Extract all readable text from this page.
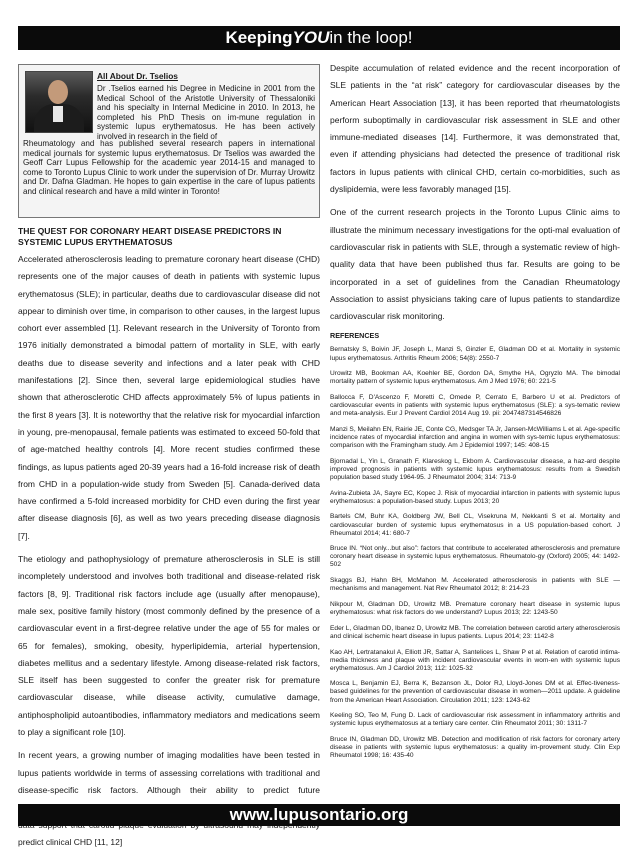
Keeping YOU in the loop!
All About Dr. Tselios
Dr .Tselios earned his Degree in Medicine in 2001 from the Medical School of the Aristotle University of Thessaloniki and his specialty in Internal Medicine in 2010. In 2013, he completed his PhD Thesis on im-mune regulation in systemic lupus erythematosus. He has been actively involved in research in the field of
Rheumatology and has published several research papers in international medical journals for systemic lupus erythematosus. Dr Tselios was awarded the Geoff Carr Lupus Fellowship for the academic year 2014-15 and managed to come to Toronto Lupus Clinic to work under the supervision of Dr. Murray Urowitz and Dr. Dafna Gladman. He hopes to gain expertise in the care of lupus patients and clinical research and have a mild winter in Toronto!
THE QUEST FOR CORONARY HEART DISEASE PREDICTORS IN SYSTEMIC LUPUS ERYTHEMATOSUS

Accelerated atherosclerosis leading to premature coronary heart disease (CHD) represents one of the major causes of death in patients with systemic lupus erythematosus (SLE); in particular, deaths due to cardiovascular disease did not appear to diminish over time, in comparison to other causes, in the largest lupus cohort ever assembled [1]. Relevant research in the University of Toronto from 1976 initially demonstrated a bimodal pattern of mortality in SLE, with early deaths due to disease severity and infections and a later peak with CHD manifestations [2]. Since then, several large epidemiological studies have shown that atherosclerotic CHD affects approximately 5% of lupus patients in the first 8 years [3]. It is noteworthy that the relative risk for myocardial infarction in young, pre-menopausal, female patients was estimated to exceed 50-fold that of age-matched healthy controls [4]. More recent studies confirmed these findings, as lupus patients aged 20-39 years had a 16-fold increase risk of death from CHD in a population-wide study from Sweden [5]. Canada-derived data have confirmed a 5-fold increased morbidity for CHD even during the first year after disease diagnosis [6], as well as two years preceding disease diagnosis [7].

The etiology and pathophysiology of premature atherosclerosis in SLE is still incompletely understood and involves both traditional and disease-related risk factors [8, 9]. Traditional risk factors include age (usually after menopause), male sex, positive family history (most commonly defined by the presence of a cardiovascular event in a first-degree relative under the age of 55 for males or 65 for females), smoking, obesity, hyperlipidemia, arterial hypertension, diabetes mellitus and a sedentary lifestyle. Among disease-related risk factors, SLE itself has been suggested to confer the greater risk for premature cardiovascular disease, while disease activity, cumulative damage, antiphospholipid autoantibodies, inflammatory mediators and medications seem to play a significant role [10].

In recent years, a growing number of imaging modalities have been tested in lupus patients worldwide in terms of assessing correlations with traditional and disease-specific risk factors. Although their ability to predict future predict clinical CHD [11, 12]

Despite accumulation of related evidence and the recent incorporation of SLE patients in the “at risk” category for cardiovascular diseases by the American Heart Association [13], it has been reported that rheumatologists perform suboptimally in cardiovascular risk assessment in SLE and other immune-mediated diseases [14]. Furthermore, it was demonstrated that, even if attending physicians had detected the presence of traditional risk factors in lupus patients with clinical CHD, certain co-morbidities, such as dyslipidemia, were less favorably managed [15].

One of the current research projects in the Toronto Lupus Clinic aims to illustrate the minimum necessary investigations for the opti-mal evaluation of cardiovascular risk in patients with SLE, through a systematic review of high-quality data that have been published thus far. Results are going to be incorporated in a set of guidelines from the Canadian Rheumatology Association to assist physicians taking care of lupus patients to standardize cardiovascular risk monitoring.

REFERENCES

Bernatsky S, Boivin JF, Joseph L, Manzi S, Ginzler E, Gladman DD et al. Mortality in systemic lupus erythematosus. Arthritis Rheum 2006; 54(8): 2550-7

Urowitz MB, Bookman AA, Koehler BE, Gordon DA, Smythe HA, Ogryzlo MA. The bimodal mortality pattern of systemic lupus erythematosus. Am J Med 1976; 60: 221-5

Ballocca F, D'Ascenzo F, Moretti C, Omede P, Cerrato E, Barbero U et al. Predictors of cardiovascular events in patients with systemic lupus erythematosus (SLE): a sys-tematic review and meta-analysis. Eur J Prevent Cardiol 2014 Aug 19. pii: 2047487314546826

Manzi S, Meilahn EN, Rairie JE, Conte CG, Medsger TA Jr, Jansen-McWilliams L et al. Age-specific incidence rates of myocardial infarction and angina in women with sys-temic lupus erythematosus: comparison with the Framingham study. Am J Epidemiol 1997; 145: 408-15

Bjornadal L, Yin L, Granath F, Klareskog L, Ekbom A. Cardiovascular disease, a haz-ard despite improved prognosis in patients with systemic lupus erythematosus: results from a Swedish population based study 1964-95. J Rheumatol 2004; 314: 713-9

Avina-Zubieta JA, Sayre EC, Kopec J. Risk of myocardial infarction in patients with systemic lupus erythematosus: a population-based study. Lupus 2013; 20

Bartels CM, Buhr KA, Goldberg JW, Bell CL, Visekruna M, Nekkanti S et al. Mortality and cardiovascular burden of systemic lupus erythematosus in a US population-based cohort. J Rheumatol 2014; 41: 680-7

Bruce IN. “Not only...but also”: factors that contribute to accelerated atherosclerosis and premature coronary heart disease in systemic lupus erythematosus. Rheumatolo-gy (Oxford) 2005; 44: 1492-502

Skaggs BJ, Hahn BH, McMahon M. Accelerated atherosclerosis in patients with SLE — mechanisms and management. Nat Rev Rheumatol 2012; 8: 214-23

Nikpour M, Gladman DD, Urowitz MB. Premature coronary heart disease in systemic lupus erythematosus: what risk factors do we understand? Lupus 2013; 22: 1243-50

Eder L, Gladman DD, Ibanez D, Urowitz MB. The correlation between carotid artery atherosclerosis and clinical ischemic heart disease in lupus patients. Lupus 2014; 23: 1142-8

Kao AH, Lertratanakul A, Elliott JR, Sattar A, Santelices L, Shaw P et al. Relation of carotid intima-media thickness and plaque with incident cardiovascular events in wom-en with systemic lupus erythematosus. Am J Cardiol 2013; 112: 1025-32

Mosca L, Benjamin EJ, Berra K, Bezanson JL, Dolor RJ, Lloyd-Jones DM et al. Effec-tiveness-based guidelines for the prevention of cardiovascular disease in women—2011 update. A guideline from the American Heart Association. Circulation 2011; 123: 1243-62

Keeling SO, Teo M, Fung D. Lack of cardiovascular risk assessment in inflammatory arthritis and systemic lupus erythematosus at a tertiary care center. Clin Rheumatol 2011; 30: 1311-7

Bruce IN, Gladman DD, Urowitz MB. Detection and modification of risk factors for coronary artery disease in patients with systemic lupus erythematosus: a quality im-provement study. Clin Exp Rheumatol 1998; 16: 435-40

www.lupusontario.org
